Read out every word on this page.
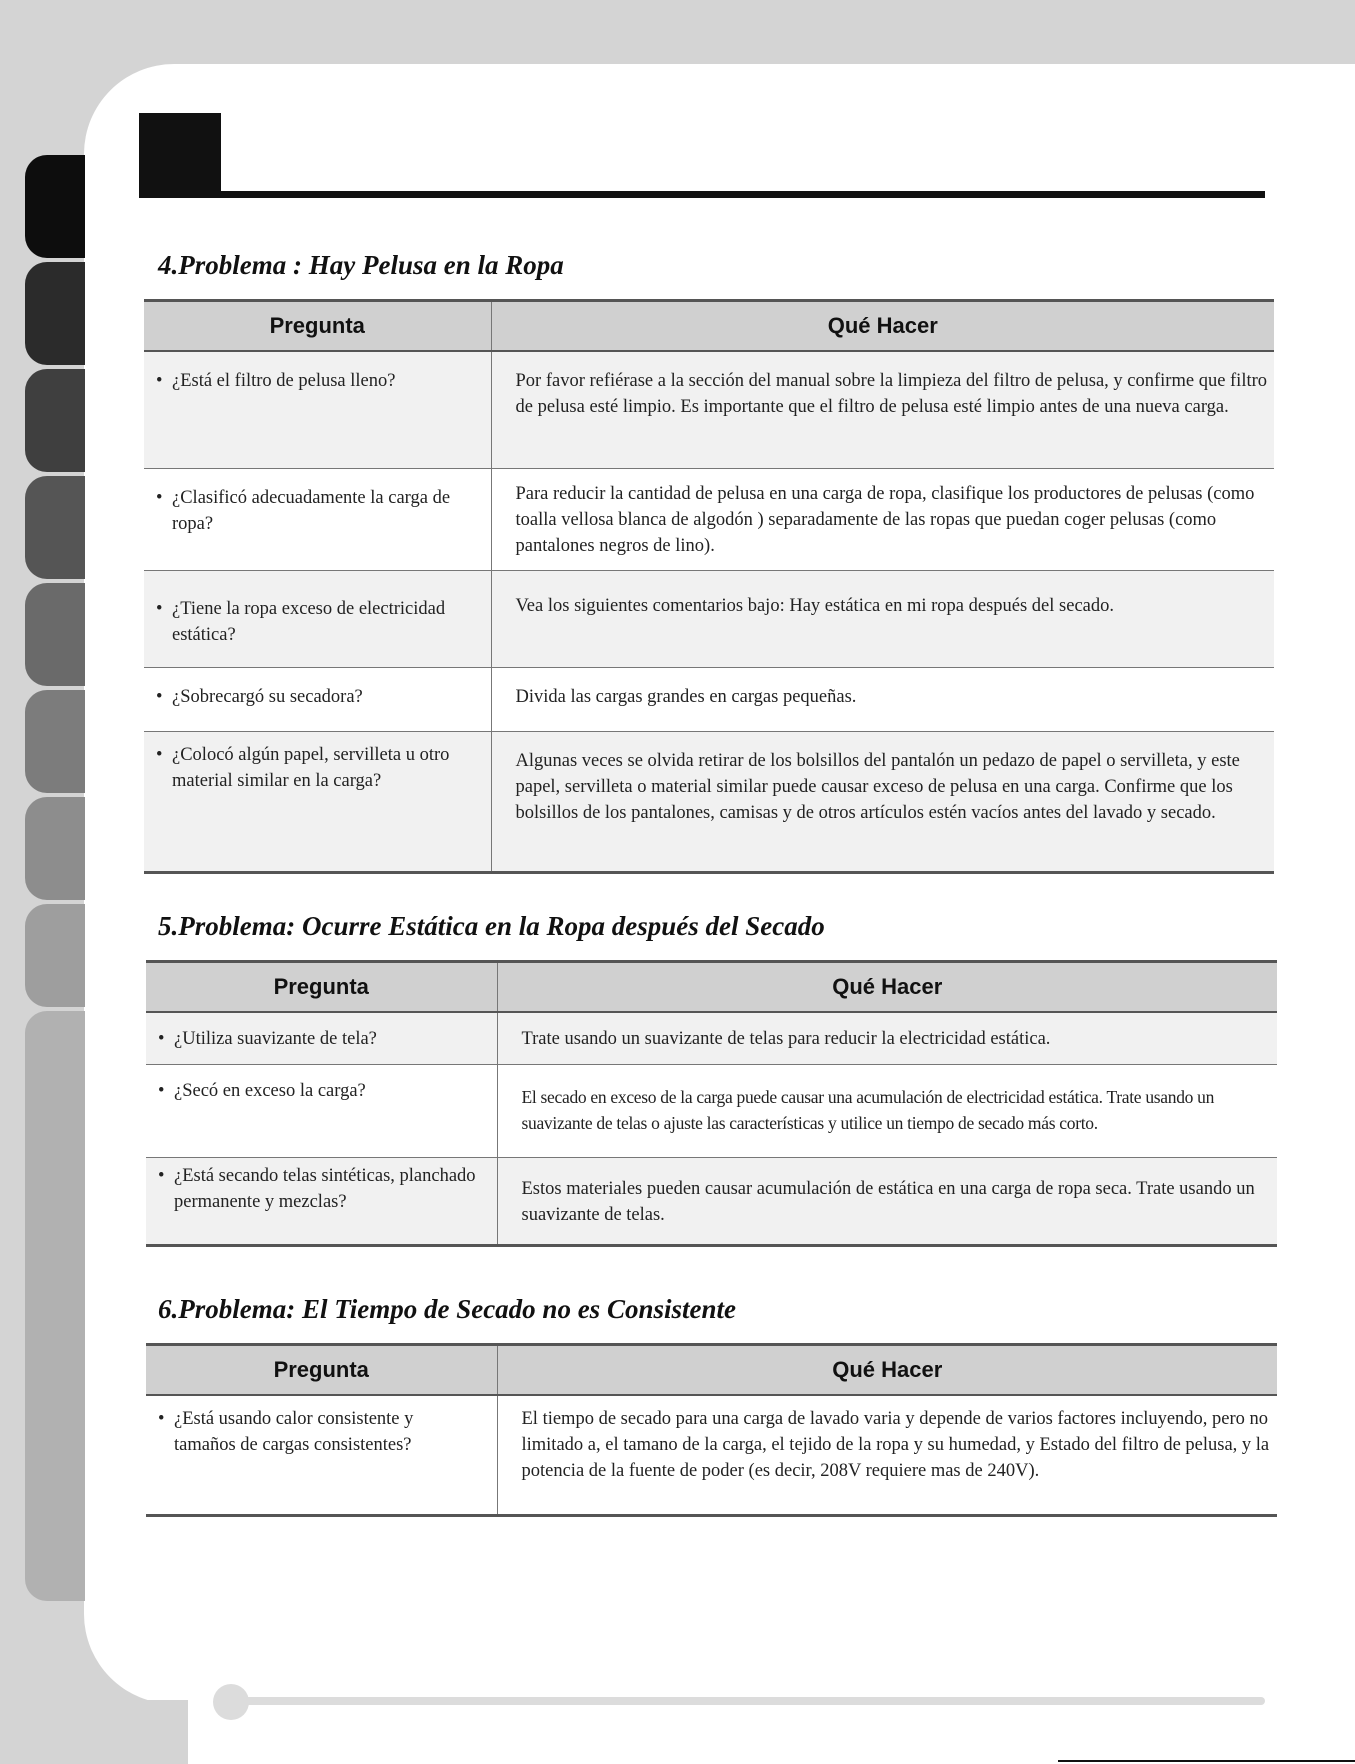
4.Problema : Hay Pelusa en la Ropa
Pregunta	Qué Hacer

• ¿Está el filtro de pelusa lleno?	Por favor refiérase a la sección del manual sobre la limpieza del filtro de pelusa, y confirme que filtro de pelusa esté limpio. Es importante que el filtro de pelusa esté limpio antes de una nueva carga.

• ¿Clasificó adecuadamente la carga de ropa?	Para reducir la cantidad de pelusa en una carga de ropa, clasifique los productores de pelusas (como toalla vellosa blanca de algodón ) separadamente de las ropas que puedan coger pelusas (como pantalones negros de lino).

• ¿Tiene la ropa exceso de electricidad estática?	Vea los siguientes comentarios bajo: Hay estática en mi ropa después del secado.

• ¿Sobrecargó su secadora?	Divida las cargas grandes en cargas pequeñas.

• ¿Colocó algún papel, servilleta u otro material similar en la carga?	Algunas veces se olvida retirar de los bolsillos del pantalón un pedazo de papel o servilleta, y este papel, servilleta o material similar puede causar exceso de pelusa en una carga. Confirme que los bolsillos de los pantalones, camisas y de otros artículos estén vacíos antes del lavado y secado.
5.Problema: Ocurre Estática en la Ropa después del Secado
Pregunta	Qué Hacer

• ¿Utiliza suavizante de tela?	Trate usando un suavizante de telas para reducir la electricidad estática.

• ¿Secó en exceso la carga?	El secado en exceso de la carga puede causar una acumulación de electricidad estática. Trate usando un suavizante de telas o ajuste las características y utilice un tiempo de secado más corto.

• ¿Está secando telas sintéticas, planchado permanente y mezclas?	Estos materiales pueden causar acumulación de estática en una carga de ropa seca. Trate usando un suavizante de telas.
6.Problema: El Tiempo de Secado no es Consistente
Pregunta	Qué Hacer

• ¿Está usando calor consistente y tamaños de cargas consistentes?	El tiempo de secado para una carga de lavado varia y depende de varios factores incluyendo, pero no limitado a, el tamano de la carga, el tejido de la ropa y su humedad, y Estado del filtro de pelusa, y la potencia de la fuente de poder (es decir, 208V requiere mas de 240V).
